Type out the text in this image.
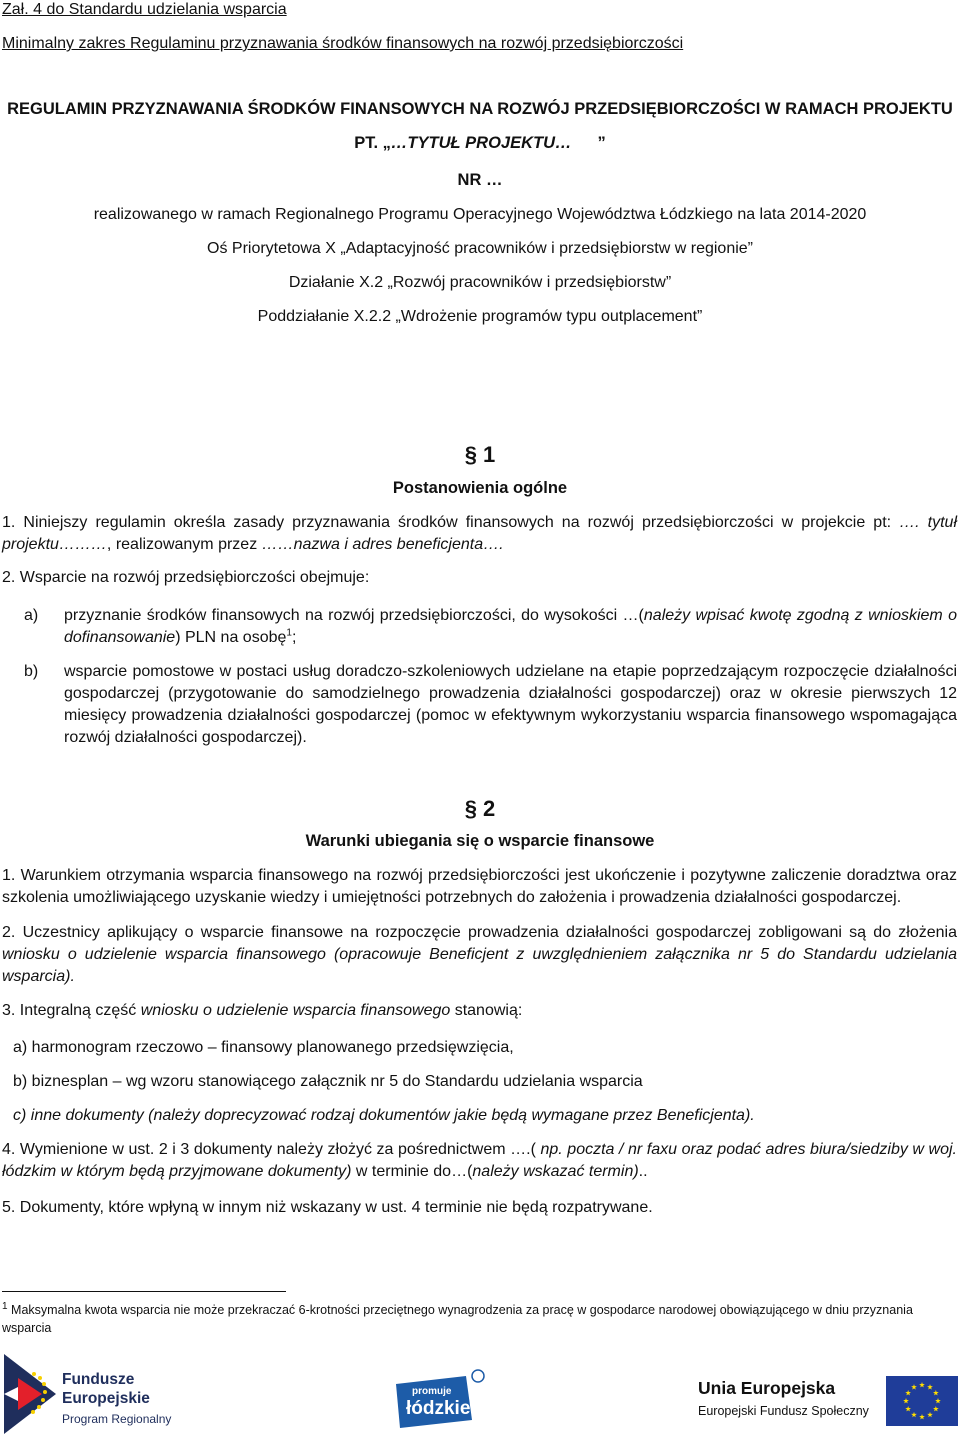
Zał. 4 do Standardu udzielania wsparcia
Minimalny zakres Regulaminu przyznawania środków finansowych na rozwój przedsiębiorczości
REGULAMIN PRZYZNAWANIA ŚRODKÓW FINANSOWYCH NA ROZWÓJ PRZEDSIĘBIORCZOŚCI W RAMACH PROJEKTU
PT. „…TYTUŁ PROJEKTU… ”
NR …
realizowanego w ramach Regionalnego Programu Operacyjnego Województwa Łódzkiego na lata 2014-2020
Oś Priorytetowa X „Adaptacyjność pracowników i przedsiębiorstw w regionie”
Działanie X.2 „Rozwój pracowników i przedsiębiorstw”
Poddziałanie X.2.2 „Wdrożenie programów typu outplacement”
§ 1
Postanowienia ogólne
1. Niniejszy regulamin określa zasady przyznawania środków finansowych na rozwój przedsiębiorczości w projekcie pt: …. tytuł projektu………, realizowanym przez ……nazwa i adres beneficjenta….
2. Wsparcie na rozwój przedsiębiorczości obejmuje:
a) przyznanie środków finansowych na rozwój przedsiębiorczości, do wysokości …(należy wpisać kwotę zgodną z wnioskiem o dofinansowanie) PLN na osobę$^1$;
b) wsparcie pomostowe w postaci usług doradczo-szkoleniowych udzielane na etapie poprzedzającym rozpoczęcie działalności gospodarczej (przygotowanie do samodzielnego prowadzenia działalności gospodarczej) oraz w okresie pierwszych 12 miesięcy prowadzenia działalności gospodarczej (pomoc w efektywnym wykorzystaniu wsparcia finansowego wspomagająca rozwój działalności gospodarczej).
§ 2
Warunki ubiegania się o wsparcie finansowe
1. Warunkiem otrzymania wsparcia finansowego na rozwój przedsiębiorczości jest ukończenie i pozytywne zaliczenie doradztwa oraz szkolenia umożliwiającego uzyskanie wiedzy i umiejętności potrzebnych do założenia i prowadzenia działalności gospodarczej.
2. Uczestnicy aplikujący o wsparcie finansowe na rozpoczęcie prowadzenia działalności gospodarczej zobligowani są do złożenia wniosku o udzielenie wsparcia finansowego (opracowuje Beneficjent z uwzględnieniem załącznika nr 5 do Standardu udzielania wsparcia).
3. Integralną część wniosku o udzielenie wsparcia finansowego stanowią:
a) harmonogram rzeczowo – finansowy planowanego przedsięwzięcia,
b) biznesplan – wg wzoru stanowiącego załącznik nr 5 do Standardu udzielania wsparcia
c) inne dokumenty (należy doprecyzować rodzaj dokumentów jakie będą wymagane przez Beneficjenta).
4. Wymienione w ust. 2 i 3 dokumenty należy złożyć za pośrednictwem ….( np. poczta / nr faxu oraz podać adres biura/siedziby w woj. łódzkim w którym będą przyjmowane dokumenty) w terminie do…(należy wskazać termin)..
5. Dokumenty, które wpłyną w innym niż wskazany w ust. 4 terminie nie będą rozpatrywane.
$^1$ Maksymalna kwota wsparcia nie może przekraczać 6-krotności przeciętnego wynagrodzenia za pracę w gospodarce narodowej obowiązującego w dniu przyznania wsparcia
Fundusze
Europejskie
Program Regionalny
promuje
łódzkie
Unia Europejska
Europejski Fundusz Społeczny
